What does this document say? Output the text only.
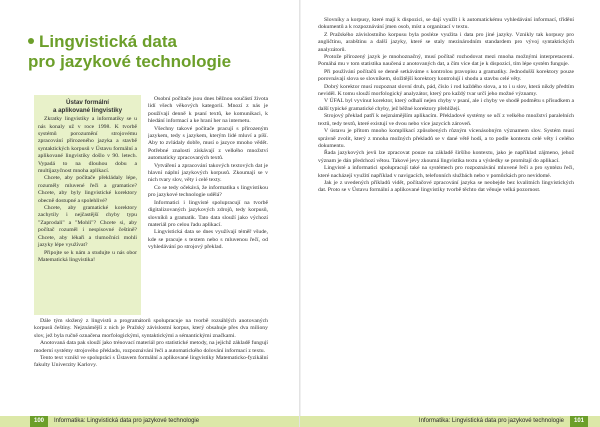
Lingvistická data
pro jazykové technologie
Ústav formální
a aplikované lingvistiky

Zkratky lingvistiky a informatiky se u nás konaly už v roce 1998. K tvorbě systémů porozumění strojovému zpracování přirozeného jazyka a stavbě syntaktických korpusů v Ústavu formální a aplikované lingvistiky došlo v 90. letech. Vypadá to na dlouhou dobu a multijazyčnost mnoha aplikací.

Chcete, aby počítače překládaly lépe, rozuměly mluvené řeči a gramatice? Chcete, aby byly lingvistické korektory obecně dostupné a spolehlivé?

Chcete, aby gramatické korektory zachytily i nejčastější chyby typu "Zaprodali" a "Mohli"? Chcete si, aby počítač rozuměl i nespisovné češtině? Chcete, aby lékaři a tlumočníci mohli jazyky lépe využívat?

Připojte se k nám a studujte u nás obor Matematická lingvistika!

Osobní počítače jsou dnes běžnou součástí života lidí všech věkových kategorií. Mnozí z nás je používají denně k psaní textů, ke komunikaci, k hledání informací a ke hraní her na internetu.

Všechny takové počítače pracují s přirozeným jazykem, tedy s jazykem, kterým lidé mluví a píší. Aby to zvládaly dobře, musí o jazyce mnoho vědět. Potřebné znalosti získávají z velkého množství automaticky zpracovaných textů.

Vytváření a zpracování takových textových dat je hlavní náplní jazykových korpusů. Zkoumají se v nich tvary slov, věty i celé texty.

Co se tedy očekává, že informatika s lingvistikou pro jazykové technologie udělá?

Informatici i lingvisté spolupracují na tvorbě digitalizovaných jazykových zdrojů, tedy korpusů, slovníků a gramatik. Tato data slouží jako výchozí materiál pro celou řadu aplikací.

Lingvistická data se dnes využívají téměř všude, kde se pracuje s textem nebo s mluvenou řečí, od vyhledávání po strojový překlad.

Dále tým složený z lingvistů a programátorů spolupracuje na tvorbě rozsáhlých anotovaných korpusů češtiny. Nejznámější z nich je Pražský závislostní korpus, který obsahuje přes dva miliony slov, jež byla ručně označena morfologickými, syntaktickými a sémantickými značkami.

Anotovaná data pak slouží jako trénovací materiál pro statistické metody, na jejichž základě fungují moderní systémy strojového překladu, rozpoznávání řeči a automatického dolování informací z textu.

Tento text vznikl ve spolupráci s Ústavem formální a aplikované lingvistiky Matematicko-fyzikální fakulty Univerzity Karlovy.

100 Informatika: Lingvistická data pro jazykové technologie

Slovníky a korpusy, které mají k dispozici, se dají využít i k automatickému vyhledávání informací, třídění dokumentů a k rozpoznávání jmen osob, míst a organizací v textu.

Z Pražského závislostního korpusu byla posléze využita i data pro jiné jazyky. Vznikly tak korpusy pro angličtinu, arabštinu a další jazyky, které se staly mezinárodním standardem pro vývoj syntaktických analyzátorů.

Protože přirozený jazyk je mnohoznačný, musí počítač rozhodovat mezi mnoha možnými interpretacemi. Pomáhá mu v tom statistika naučená z anotovaných dat, a čím více dat je k dispozici, tím lépe systém funguje.

Při používání počítačů se denně setkáváme s kontrolou pravopisu a gramatiky. Jednodušší korektory pouze porovnávají slova se slovníkem, složitější korektory kontrolují i shodu a stavbu celé věty.

Dobrý korektor musí rozpoznat slovní druh, pád, číslo i rod každého slova, a to i u slov, která nikdy předtím neviděl. K tomu slouží morfologický analyzátor, který pro každý tvar určí jeho možné významy.

V ÚFAL byl vyvinut korektor, který odhalí nejen chyby v psaní, ale i chyby ve shodě podmětu s přísudkem a další typické gramatické chyby, jež běžné korektory přehlížejí.

Strojový překlad patří k nejznámějším aplikacím. Překladové systémy se učí z velkého množství paralelních textů, tedy textů, které existují ve dvou nebo více jazycích zároveň.

V ústavu je přitom mnoho komplikací způsobených různým vícenásobným významem slov. Systém musí správně zvolit, který z mnoha možných překladů se v dané větě hodí, a to podle kontextu celé věty i celého dokumentu.

Řada jazykových jevů lze zpracovat pouze na základě širšího kontextu, jako je například zájmeno, jehož význam je dán předchozí větou. Takové jevy zkoumá lingvistika textu a výsledky se promítají do aplikací.

Lingvisté a informatici spolupracují také na systémech pro rozpoznávání mluvené řeči a pro syntézu řeči, které nacházejí využití například v navigacích, telefonních službách nebo v pomůckách pro nevidomé.

Jak je z uvedených příkladů vidět, počítačové zpracování jazyka se neobejde bez kvalitních lingvistických dat. Proto se v Ústavu formální a aplikované lingvistiky tvorbě těchto dat věnuje velká pozornost.

Informatika: Lingvistická data pro jazykové technologie 101
